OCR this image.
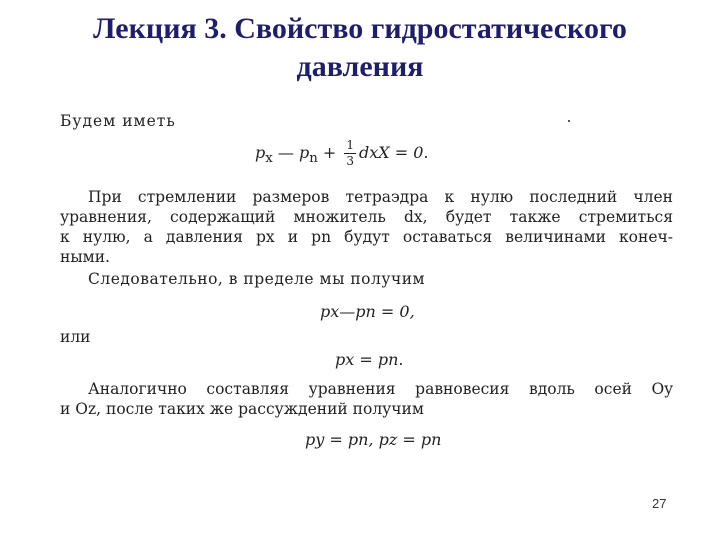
Лекция 3. Свойство гидростатического
давления
Будем иметь
$p_x$ — $p_n + \frac{1}{3}$ dxX = 0.
При стремлении размеров тетраэдра к нулю последний член
уравнения, содержащий множитель dx, будет также стремиться
к нулю, а давления px и pn будут оставаться величинами конеч-
ными.
Следовательно, в пределе мы получим
px—pn = 0,
или
px = pn.
Аналогично составляя уравнения равновесия вдоль осей Oy
и Oz, после таких же рассуждений получим
py = pn, pz = pn
27
